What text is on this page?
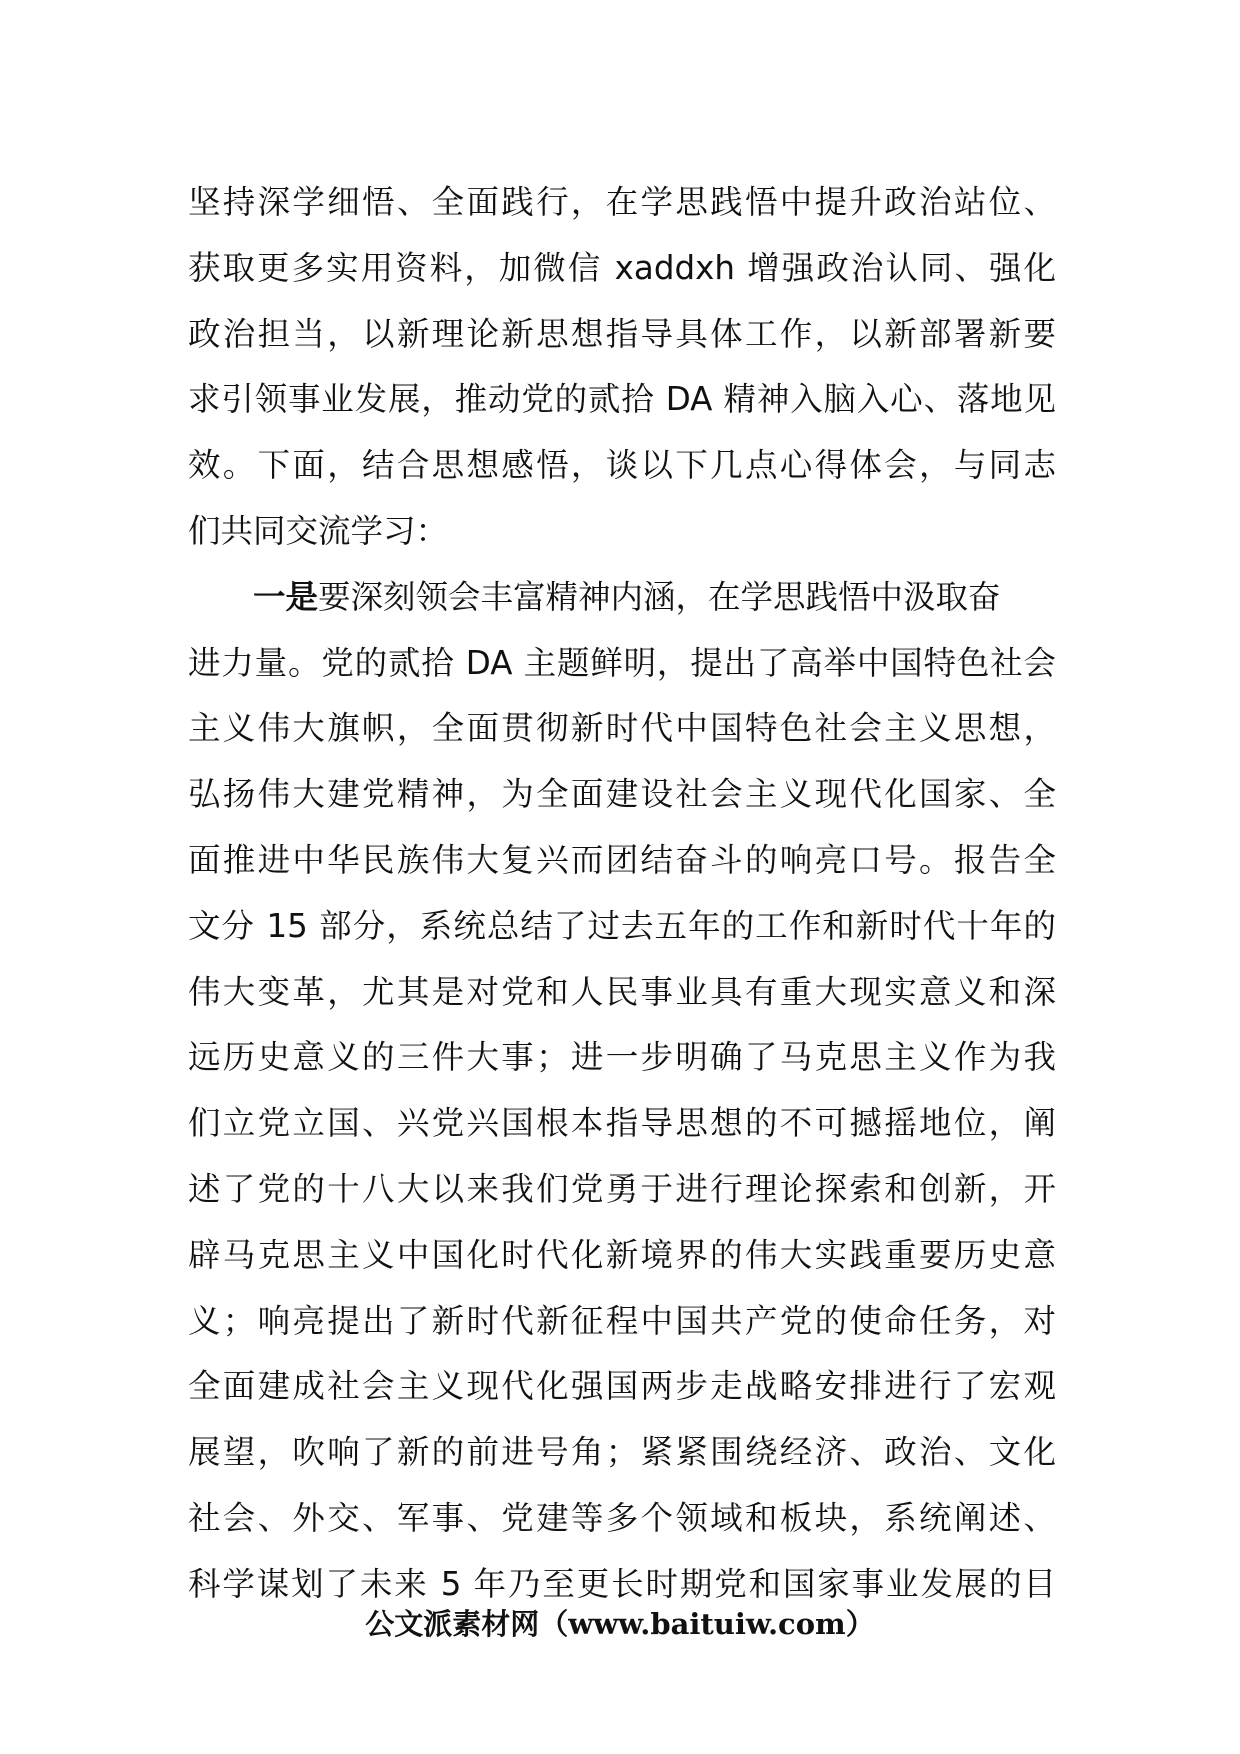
坚持深学细悟、全面践行，在学思践悟中提升政治站位、
获取更多实用资料，加微信 xaddxh 增强政治认同、强化
政治担当，以新理论新思想指导具体工作，以新部署新要
求引领事业发展，推动党的贰拾 DA 精神入脑入心、落地见
效。下面，结合思想感悟，谈以下几点心得体会，与同志
们共同交流学习：
一是要深刻领会丰富精神内涵，在学思践悟中汲取奋
进力量。党的贰拾 DA 主题鲜明，提出了高举中国特色社会
主义伟大旗帜，全面贯彻新时代中国特色社会主义思想，
弘扬伟大建党精神，为全面建设社会主义现代化国家、全
面推进中华民族伟大复兴而团结奋斗的响亮口号。报告全
文分 15 部分，系统总结了过去五年的工作和新时代十年的
伟大变革，尤其是对党和人民事业具有重大现实意义和深
远历史意义的三件大事；进一步明确了马克思主义作为我
们立党立国、兴党兴国根本指导思想的不可撼摇地位，阐
述了党的十八大以来我们党勇于进行理论探索和创新，开
辟马克思主义中国化时代化新境界的伟大实践重要历史意
义；响亮提出了新时代新征程中国共产党的使命任务，对
全面建成社会主义现代化强国两步走战略安排进行了宏观
展望，吹响了新的前进号角；紧紧围绕经济、政治、文化
社会、外交、军事、党建等多个领域和板块，系统阐述、
科学谋划了未来 5 年乃至更长时期党和国家事业发展的目
公文派素材网（www.baituiw.com）
